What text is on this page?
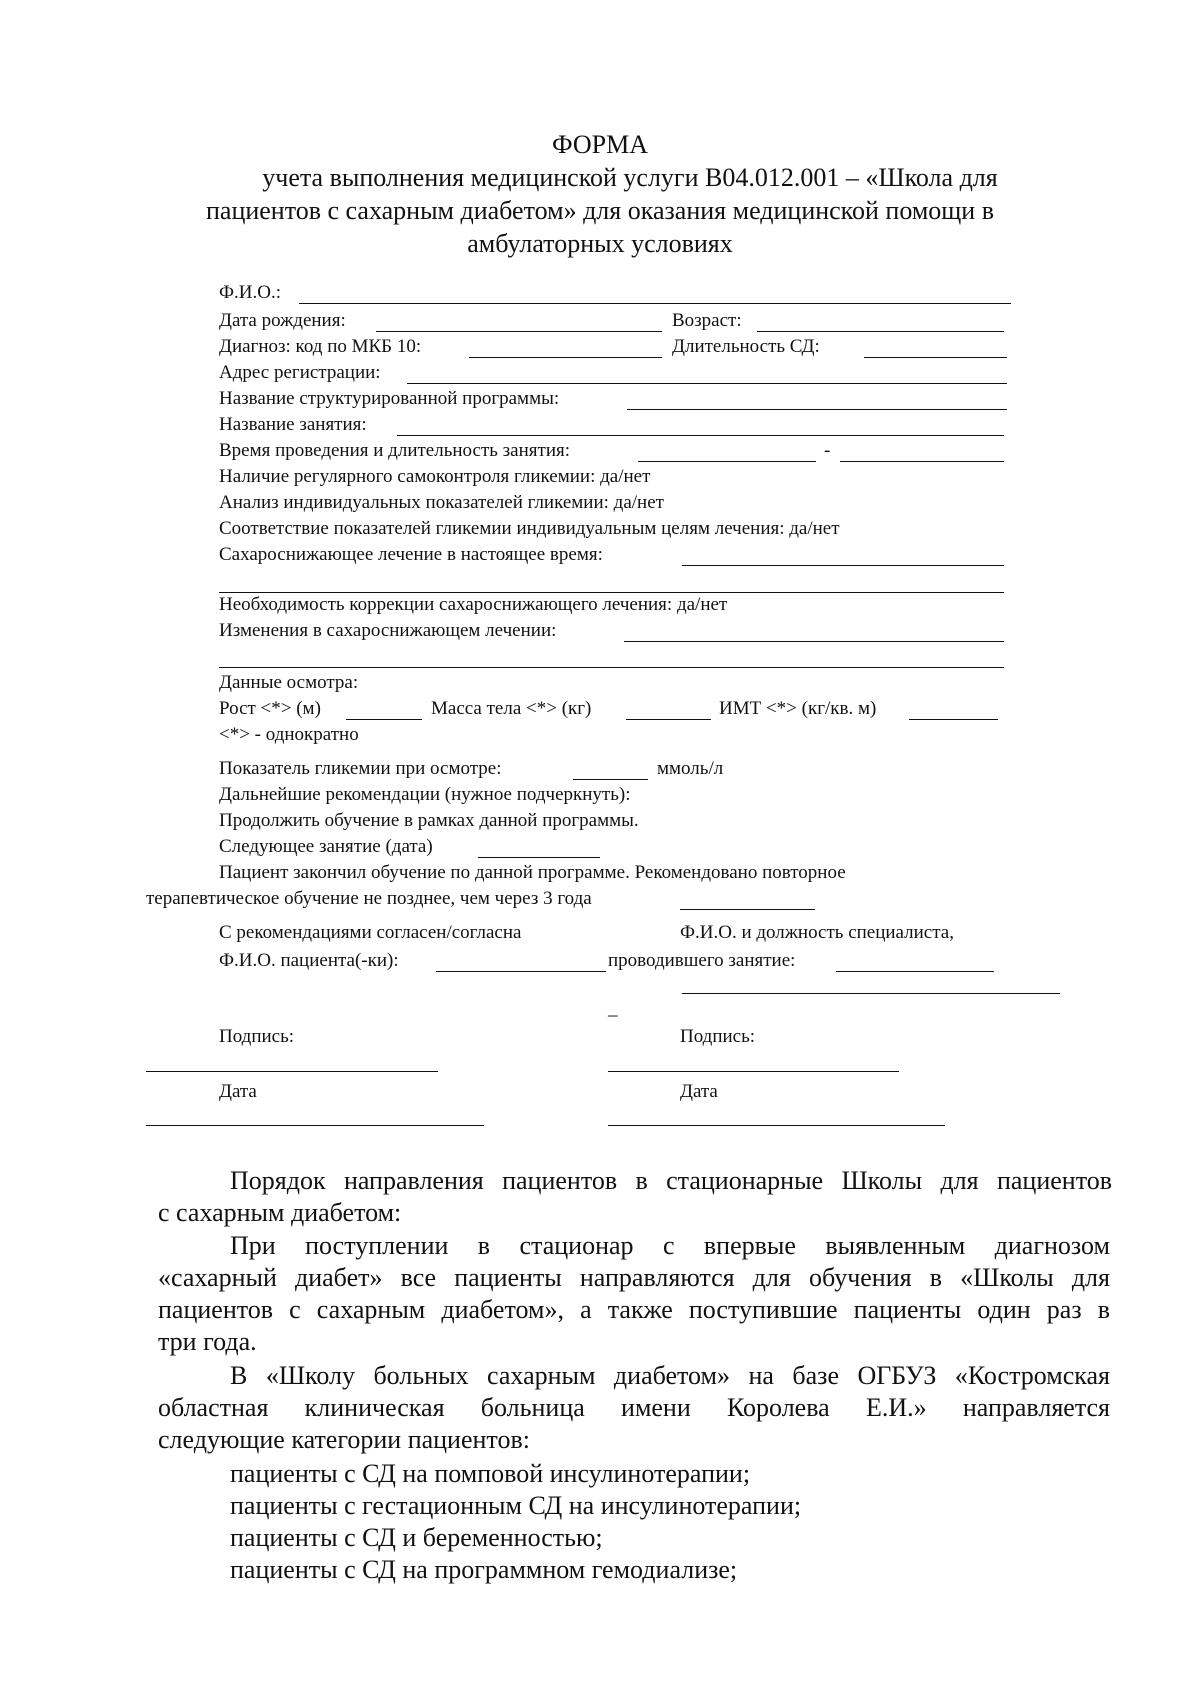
ФОРМА
учета выполнения медицинской услуги B04.012.001 – «Школа для
пациентов с сахарным диабетом» для оказания медицинской помощи в
амбулаторных условиях
Ф.И.О.:
Дата рождения:	Возраст:
Диагноз: код по МКБ 10:	Длительность СД:
Адрес регистрации:
Название структурированной программы:
Название занятия:
Время проведения и длительность занятия:	-
Наличие регулярного самоконтроля гликемии: да/нет
Анализ индивидуальных показателей гликемии: да/нет
Соответствие показателей гликемии индивидуальным целям лечения: да/нет
Сахароснижающее лечение в настоящее время:
Необходимость коррекции сахароснижающего лечения: да/нет
Изменения в сахароснижающем лечении:
Данные осмотра:
Рост <*> (м)	Масса тела <*> (кг)	ИМТ <*> (кг/кв. м)
<*> - однократно
Показатель гликемии при осмотре:	ммоль/л
Дальнейшие рекомендации (нужное подчеркнуть):
Продолжить обучение в рамках данной программы.
Следующее занятие (дата)
Пациент закончил обучение по данной программе. Рекомендовано повторное
терапевтическое обучение не позднее, чем через 3 года
С рекомендациями согласен/согласна	Ф.И.О. и должность специалиста,
Ф.И.О. пациента(-ки):	проводившего занятие:
_
Подпись:	Подпись:
Дата	Дата
Порядок направления пациентов в стационарные Школы для пациентов
с сахарным диабетом:
При поступлении в стационар с впервые выявленным диагнозом
«сахарный диабет» все пациенты направляются для обучения в «Школы для
пациентов с сахарным диабетом», а также поступившие пациенты один раз в
три года.
В «Школу больных сахарным диабетом» на базе ОГБУЗ «Костромская
областная клиническая больница имени Королева Е.И.» направляется
следующие категории пациентов:
пациенты с СД на помповой инсулинотерапии;
пациенты с гестационным СД на инсулинотерапии;
пациенты с СД и беременностью;
пациенты с СД на программном гемодиализе;
